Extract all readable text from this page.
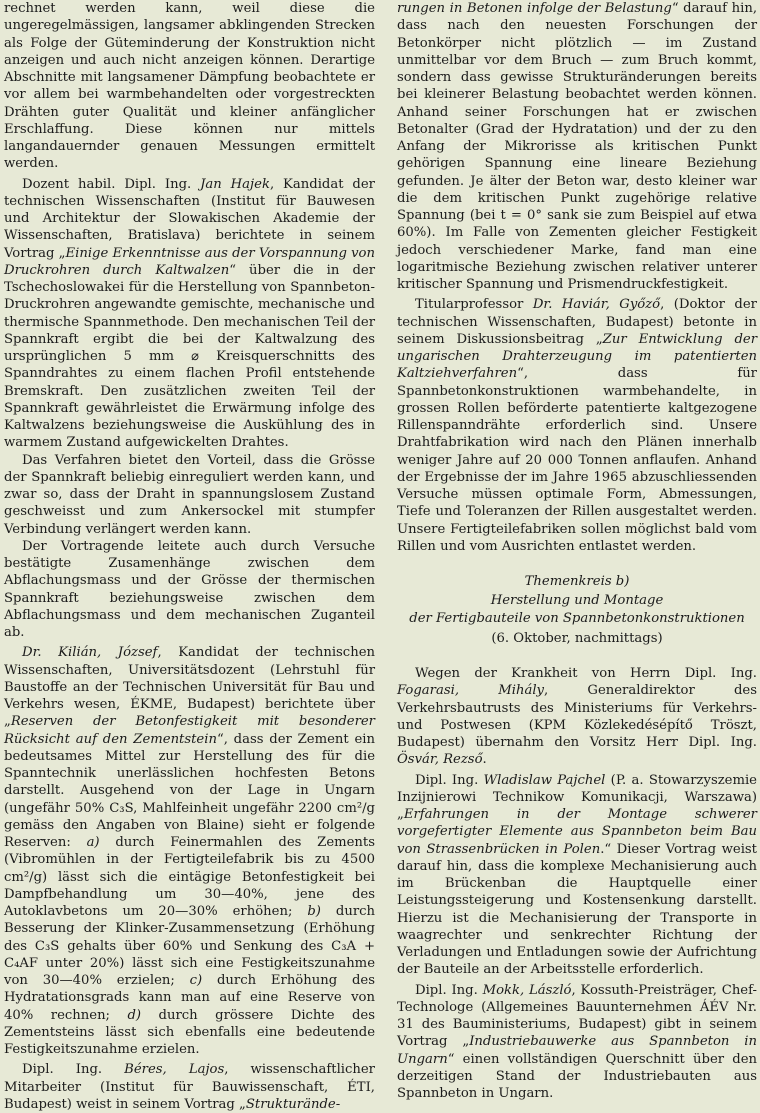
rechnet werden kann, weil diese die ungeregelmässigen, langsamer abklingenden Strecken als Folge der Güteminderung der Konstruktion nicht anzeigen und auch nicht anzeigen können. Derartige Abschnitte mit langsamener Dämpfung beobachtete er vor allem bei warmbehandelten oder vorgestreckten Drähten guter Qualität und kleiner anfänglicher Erschlaffung. Diese können nur mittels langandauernder genauen Messungen ermittelt werden.

Dozent habil. Dipl. Ing. Jan Hajek, Kandidat der technischen Wissenschaften (Institut für Bauwesen und Architektur der Slowakischen Akademie der Wissenschaften, Bratislava) berichtete in seinem Vortrag „Einige Erkenntnisse aus der Vorspannung von Druckrohren durch Kaltwalzen“ über die in der Tschechoslowakei für die Herstellung von Spannbeton-Druckrohren angewandte gemischte, mechanische und thermische Spannmethode. Den mechanischen Teil der Spannkraft ergibt die bei der Kaltwalzung des ursprünglichen 5 mm ⌀ Kreisquerschnitts des Spanndrahtes zu einem flachen Profil entstehende Bremskraft. Den zusätzlichen zweiten Teil der Spannkraft gewährleistet die Erwärmung infolge des Kaltwalzens beziehungsweise die Auskühlung des in warmem Zustand aufgewickelten Drahtes.

Das Verfahren bietet den Vorteil, dass die Grösse der Spannkraft beliebig einreguliert werden kann, und zwar so, dass der Draht in spannungslosem Zustand geschweisst und zum Ankersockel mit stumpfer Verbindung verlängert werden kann.

Der Vortragende leitete auch durch Versuche bestätigte Zusamenhänge zwischen dem Abflachungsmass und der Grösse der thermischen Spannkraft beziehungsweise zwischen dem Abflachungsmass und dem mechanischen Zuganteil ab.

Dr. Kilián, József, Kandidat der technischen Wissenschaften, Universitätsdozent (Lehrstuhl für Baustoffe an der Technischen Universität für Bau und Verkehrs wesen, ÉKME, Budapest) berichtete über „Reserven der Betonfestigkeit mit besonderer Rücksicht auf den Zementstein“, dass der Zement ein bedeutsames Mittel zur Herstellung des für die Spanntechnik unerlässlichen hochfesten Betons darstellt. Ausgehend von der Lage in Ungarn (ungefähr 50% C₃S, Mahlfeinheit ungefähr 2200 cm²/g gemäss den Angaben von Blaine) sieht er folgende Reserven: a) durch Feinermahlen des Zements (Vibromühlen in der Fertigteilefabrik bis zu 4500 cm²/g) lässt sich die eintägige Betonfestigkeit bei Dampfbehandlung um 30—40%, jene des Autoklavbetons um 20—30% erhöhen; b) durch Besserung der Klinker-Zusammensetzung (Erhöhung des C₃S gehalts über 60% und Senkung des C₃A + C₄AF unter 20%) lässt sich eine Festigkeitszunahme von 30—40% erzielen; c) durch Erhöhung des Hydratationsgrads kann man auf eine Reserve von 40% rechnen; d) durch grössere Dichte des Zementsteins lässt sich ebenfalls eine bedeutende Festigkeitszunahme erzielen.

Dipl. Ing. Béres, Lajos, wissenschaftlicher Mitarbeiter (Institut für Bauwissenschaft, ÉTI, Budapest) weist in seinem Vortrag „Strukturände-

rungen in Betonen infolge der Belastung“ darauf hin, dass nach den neuesten Forschungen der Betonkörper nicht plötzlich — im Zustand unmittelbar vor dem Bruch — zum Bruch kommt, sondern dass gewisse Strukturänderungen bereits bei kleinerer Belastung beobachtet werden können. Anhand seiner Forschungen hat er zwischen Betonalter (Grad der Hydratation) und der zu den Anfang der Mikrorisse als kritischen Punkt gehörigen Spannung eine lineare Beziehung gefunden. Je älter der Beton war, desto kleiner war die dem kritischen Punkt zugehörige relative Spannung (bei t = 0° sank sie zum Beispiel auf etwa 60%). Im Falle von Zementen gleicher Festigkeit jedoch verschiedener Marke, fand man eine logaritmische Beziehung zwischen relativer unterer kritischer Spannung und Prismendruckfestigkeit.

Titularprofessor Dr. Haviár, Győző, (Doktor der technischen Wissenschaften, Budapest) betonte in seinem Diskussionsbeitrag „Zur Entwicklung der ungarischen Drahterzeugung im patentierten Kaltziehverfahren“, dass für Spannbetonkonstruktionen warmbehandelte, in grossen Rollen beförderte patentierte kaltgezogene Rillenspanndrähte erforderlich sind. Unsere Drahtfabrikation wird nach den Plänen innerhalb weniger Jahre auf 20 000 Tonnen anflaufen. Anhand der Ergebnisse der im Jahre 1965 abzuschliessenden Versuche müssen optimale Form, Abmessungen, Tiefe und Toleranzen der Rillen ausgestaltet werden. Unsere Fertigteilefabriken sollen möglichst bald vom Rillen und vom Ausrichten entlastet werden.

Themenkreis b)
Herstellung und Montage
der Fertigbauteile von Spannbetonkonstruktionen
(6. Oktober, nachmittags)

Wegen der Krankheit von Herrn Dipl. Ing. Fogarasi, Mihály, Generaldirektor des Verkehrsbautrusts des Ministeriums für Verkehrs- und Postwesen (KPM Közlekedésépítő Tröszt, Budapest) übernahm den Vorsitz Herr Dipl. Ing. Ösvár, Rezső.

Dipl. Ing. Wladislaw Pajchel (P. a. Stowarzyszemie Inzijnierowi Technikow Komunikacji, Warszawa) „Erfahrungen in der Montage schwerer vorgefertigter Elemente aus Spannbeton beim Bau von Strassenbrücken in Polen.“ Dieser Vortrag weist darauf hin, dass die komplexe Mechanisierung auch im Brückenban die Hauptquelle einer Leistungssteigerung und Kostensenkung darstellt. Hierzu ist die Mechanisierung der Transporte in waagrechter und senkrechter Richtung der Verladungen und Entladungen sowie der Aufrichtung der Bauteile an der Arbeitsstelle erforderlich.

Dipl. Ing. Mokk, László, Kossuth-Preisträger, Chef-Technologe (Allgemeines Bauunternehmen ÁÉV Nr. 31 des Bauministeriums, Budapest) gibt in seinem Vortrag „Industriebauwerke aus Spannbeton in Ungarn“ einen vollständigen Querschnitt über den derzeitigen Stand der Industriebauten aus Spannbeton in Ungarn.
